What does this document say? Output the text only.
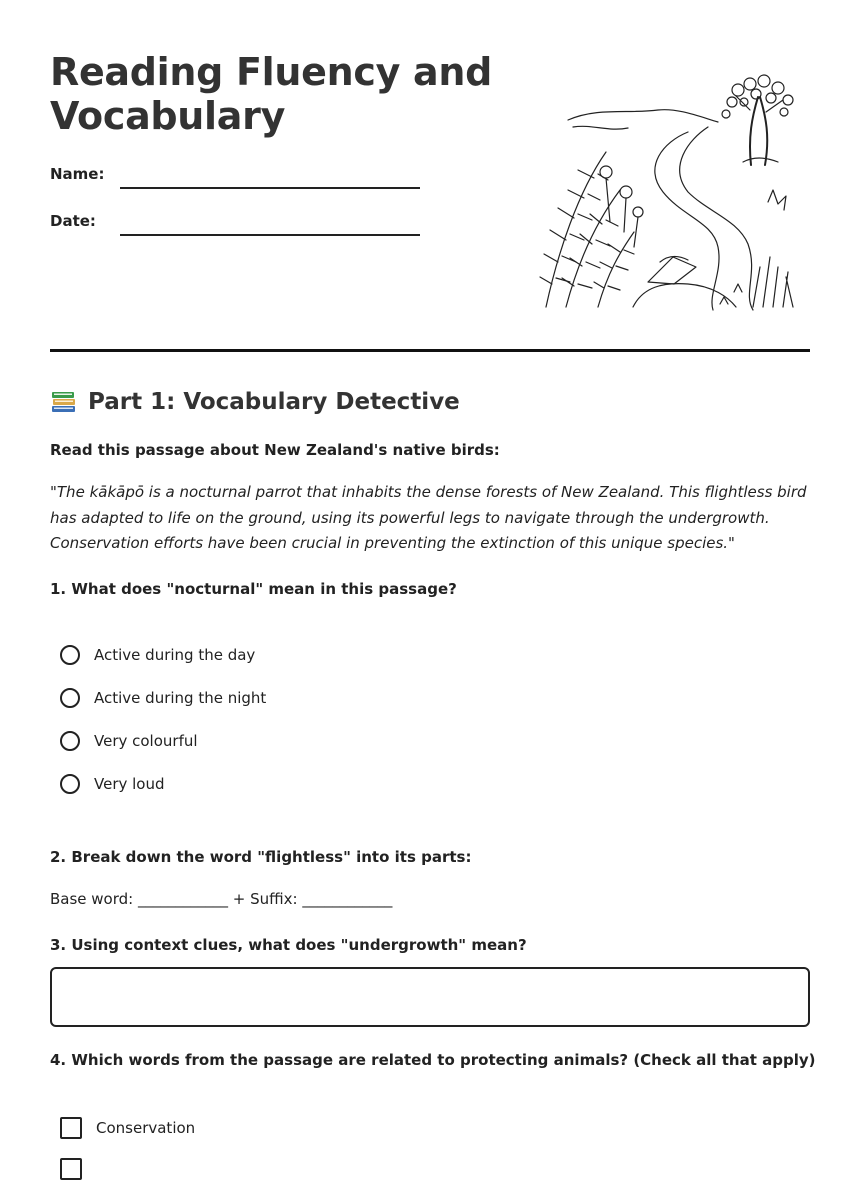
Reading Fluency and Vocabulary
Name:
Date:
Part 1: Vocabulary Detective
Read this passage about New Zealand's native birds:
"The kākāpō is a nocturnal parrot that inhabits the dense forests of New Zealand. This flightless bird has adapted to life on the ground, using its powerful legs to navigate through the undergrowth. Conservation efforts have been crucial in preventing the extinction of this unique species."
1. What does "nocturnal" mean in this passage?
Active during the day
Active during the night
Very colourful
Very loud
2. Break down the word "flightless" into its parts:
Base word: ____________ + Suffix: ____________
3. Using context clues, what does "undergrowth" mean?
4. Which words from the passage are related to protecting animals? (Check all that apply)
Conservation
